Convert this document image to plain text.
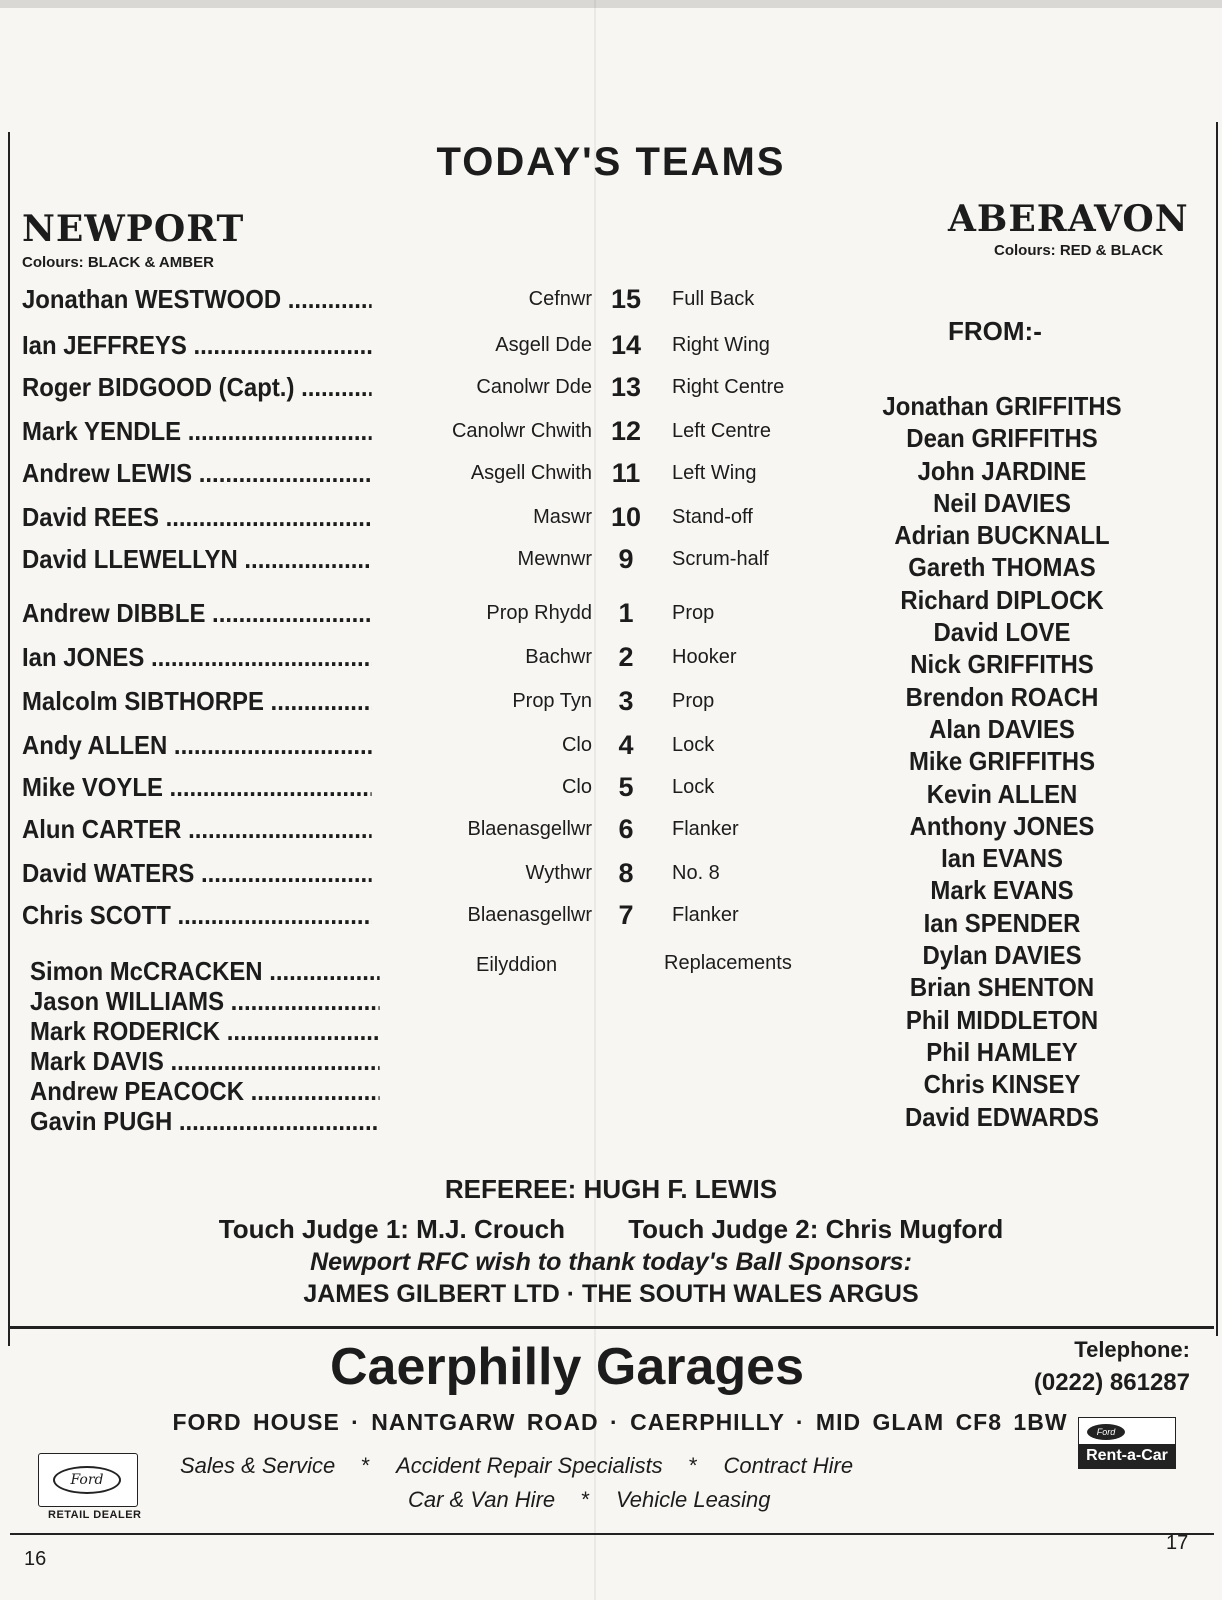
TODAY'S TEAMS
NEWPORT
Colours: BLACK & AMBER
ABERAVON
Colours: RED & BLACK
Jonathan WESTWOOD .....	Cefnwr 15	Full Back
Ian JEFFREYS .....	Asgell Dde 14	Right Wing
Roger BIDGOOD (Capt.) .....	Canolwr Dde 13	Right Centre
Mark YENDLE .....	Canolwr Chwith 12	Left Centre
Andrew LEWIS .....	Asgell Chwith 11	Left Wing
David REES .....	Maswr 10	Stand-off
David LLEWELLYN .....	Mewnwr 9	Scrum-half
Andrew DIBBLE .....	Prop Rhydd 1	Prop
Ian JONES .....	Bachwr 2	Hooker
Malcolm SIBTHORPE .....	Prop Tyn 3	Prop
Andy ALLEN .....	Clo 4	Lock
Mike VOYLE .....	Clo 5	Lock
Alun CARTER .....	Blaenasgellwr 6	Flanker
David WATERS .....	Wythwr 8	No. 8
Chris SCOTT .....	Blaenasgellwr 7	Flanker
Simon McCRACKEN .....
Jason WILLIAMS .....
Mark RODERICK .....
Mark DAVIS .....
Andrew PEACOCK .....
Gavin PUGH .....
Eilyddion	Replacements
FROM:-
Jonathan GRIFFITHS
Dean GRIFFITHS
John JARDINE
Neil DAVIES
Adrian BUCKNALL
Gareth THOMAS
Richard DIPLOCK
David LOVE
Nick GRIFFITHS
Brendon ROACH
Alan DAVIES
Mike GRIFFITHS
Kevin ALLEN
Anthony JONES
Ian EVANS
Mark EVANS
Ian SPENDER
Dylan DAVIES
Brian SHENTON
Phil MIDDLETON
Phil HAMLEY
Chris KINSEY
David EDWARDS
REFEREE: HUGH F. LEWIS
Touch Judge 1: M.J. Crouch Touch Judge 2: Chris Mugford
Newport RFC wish to thank today's Ball Sponsors:
JAMES GILBERT LTD · THE SOUTH WALES ARGUS
Caerphilly Garages	Telephone:
(0222) 861287
FORD HOUSE · NANTGARW ROAD · CAERPHILLY · MID GLAM CF8 1BW
Ford
RETAIL DEALER
Sales & Service * Accident Repair Specialists * Contract Hire
Car & Van Hire * Vehicle Leasing
Ford
Rent-a-Car
16
17
